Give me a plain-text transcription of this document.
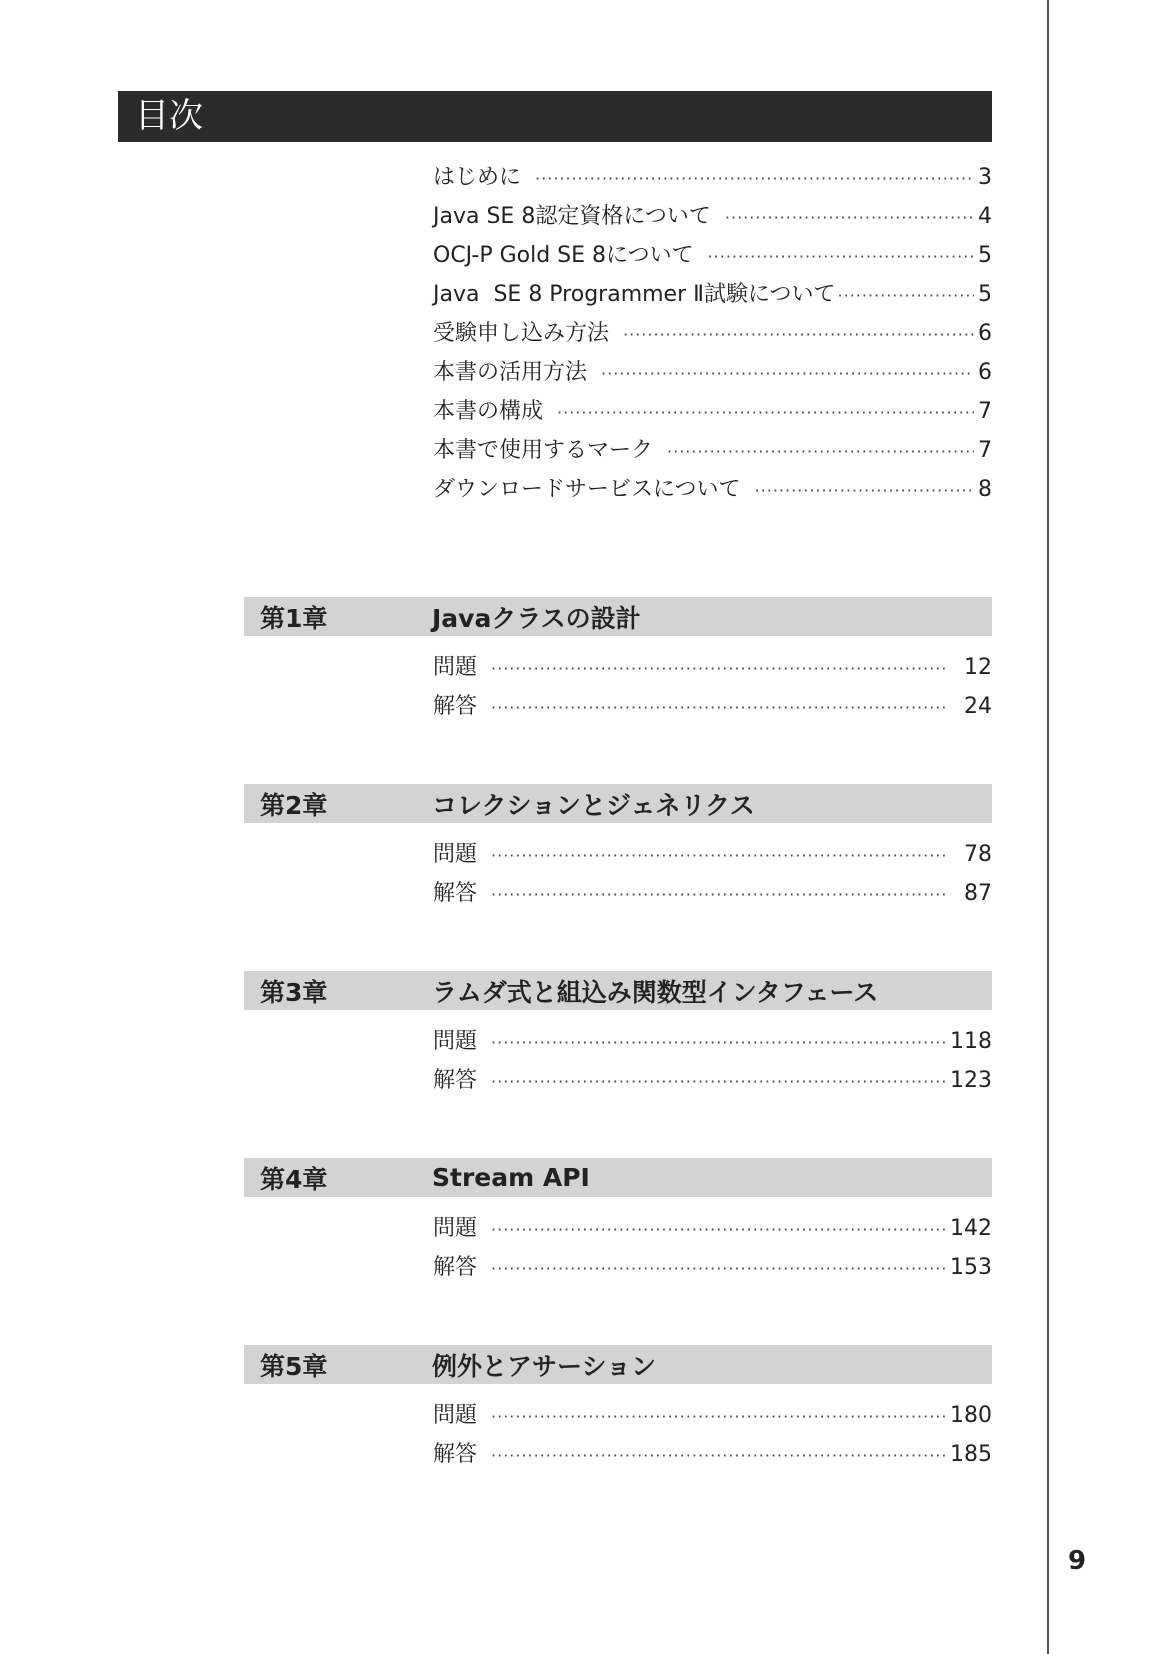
目次
はじめに ·····	3
Java SE 8認定資格について ·····	4
OCJ-P Gold SE 8について ·····	5
Java  SE 8 Programmer Ⅱ試験について ·····	5
受験申し込み方法 ·····	6
本書の活用方法 ·····	6
本書の構成 ·····	7
本書で使用するマーク ·····	7
ダウンロードサービスについて ·····	8
第1章	Javaクラスの設計
問題 ·····	12
解答 ·····	24
第2章	コレクションとジェネリクス
問題 ·····	78
解答 ·····	87
第3章	ラムダ式と組込み関数型インタフェース
問題 ·····	118
解答 ·····	123
第4章	Stream API
問題 ·····	142
解答 ·····	153
第5章	例外とアサーション
問題 ·····	180
解答 ·····	185
9
